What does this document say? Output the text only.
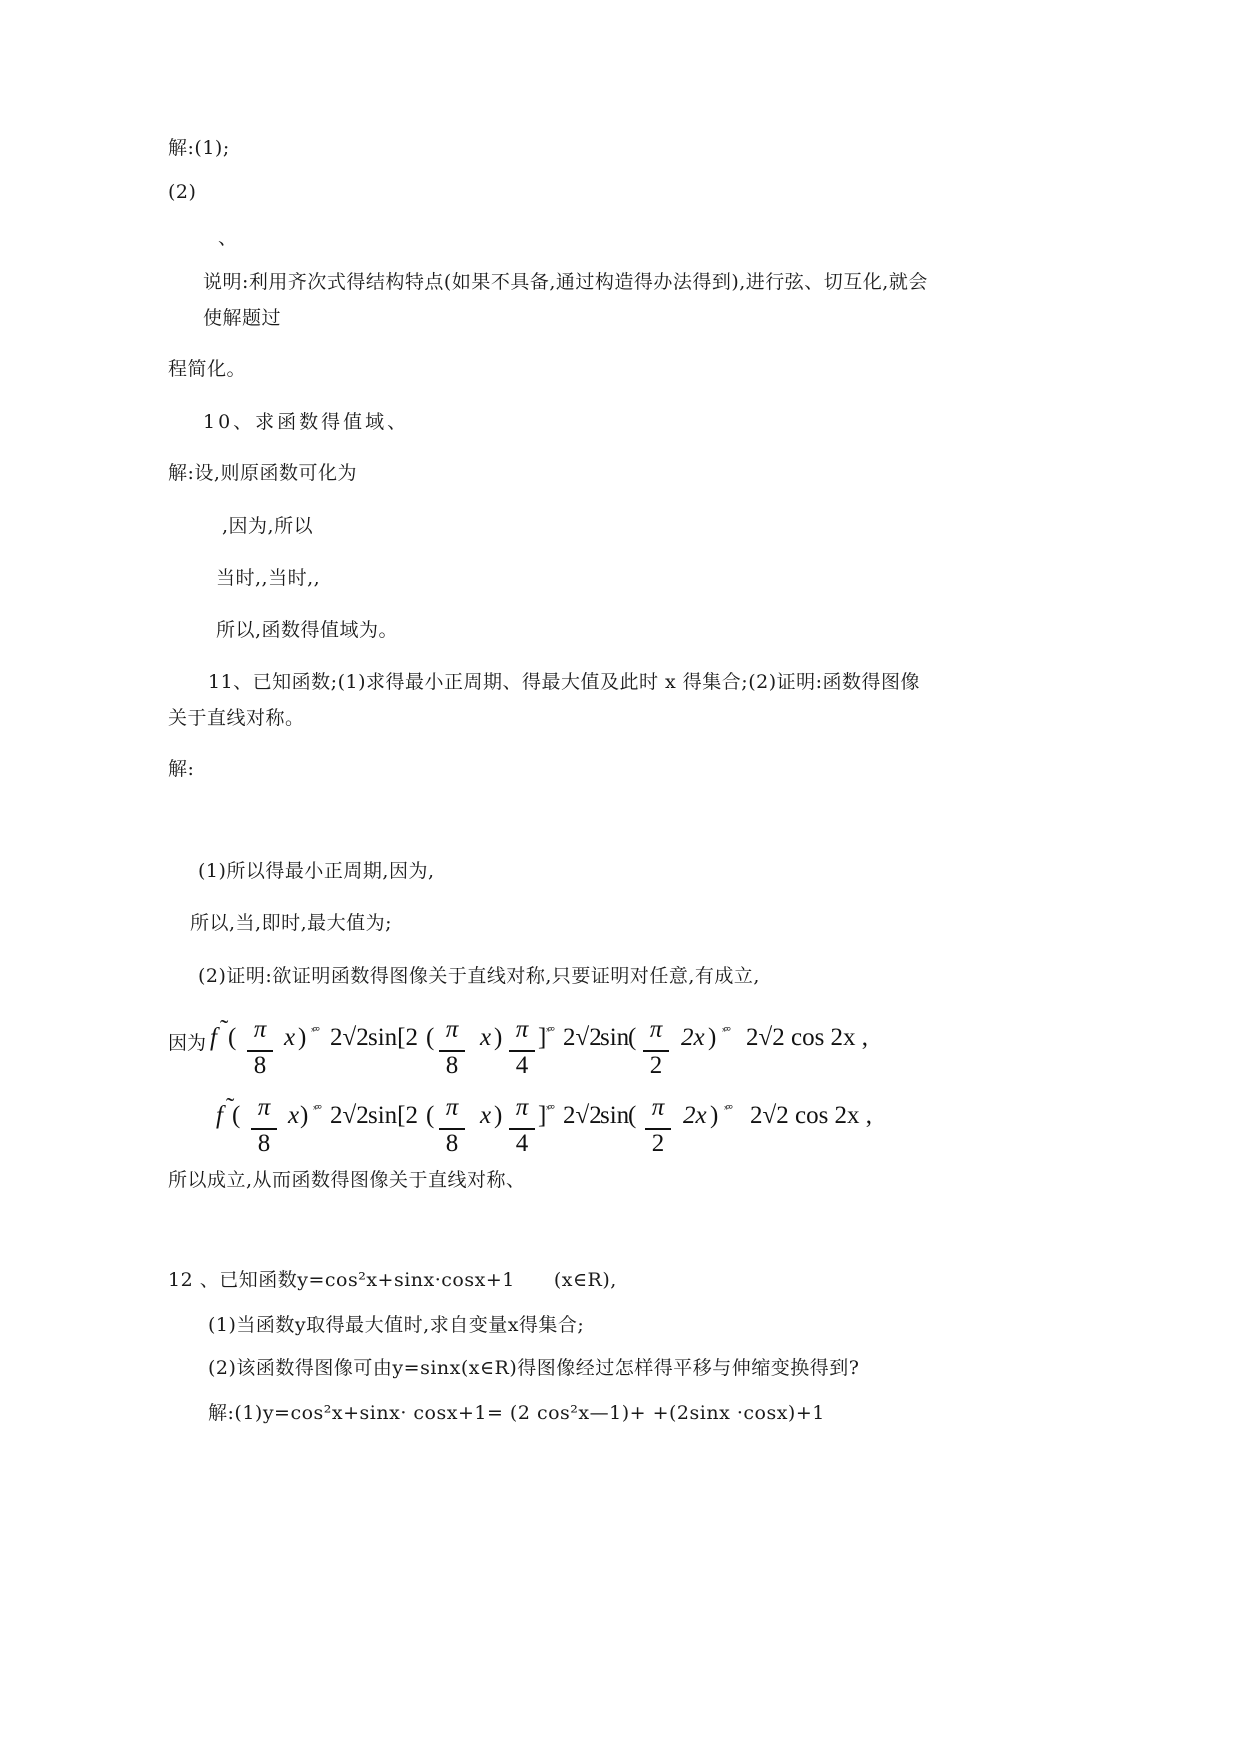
解:(1);
(2)
、
说明:利用齐次式得结构特点(如果不具备,通过构造得办法得到),进行弦、切互化,就会
使解题过
程简化。
10、求函数得值域、
解:设,则原函数可化为
,因为,所以
当时,,当时,,
所以,函数得值域为。
11、已知函数;(1)求得最小正周期、得最大值及此时 x 得集合;(2)证明:函数得图像
关于直线对称。
解:
(1)所以得最小正周期,因为,
所以,当,即时,最大值为;
(2)证明:欲证明函数得图像关于直线对称,只要证明对任意,有成立,
因为 f ˜ ( π
8
x ) ˣ°° 2√2 sin[2 ( π
8
x ) π
4
] ˣ°° 2√2
sin
( π
2
2x ) ˣ°° 2√2 cos 2x ,
f ˜
( π
8
x ) ˣ°° 2√2 sin[2 ( π
8
x ) π
4
] ˣ°° 2√2
sin
( π
2
2x ) ˣ°° 2√2 cos 2x ,
所以成立,从而函数得图像关于直线对称、
12 、已知函数y=cos²x+sinx·cosx+1　　(x∈R),
(1)当函数y取得最大值时,求自变量x得集合;
(2)该函数得图像可由y=sinx(x∈R)得图像经过怎样得平移与伸缩变换得到?
解:(1)y=cos²x+sinx· cosx+1= (2 cos²x—1)+ +(2sinx ·cosx)+1
